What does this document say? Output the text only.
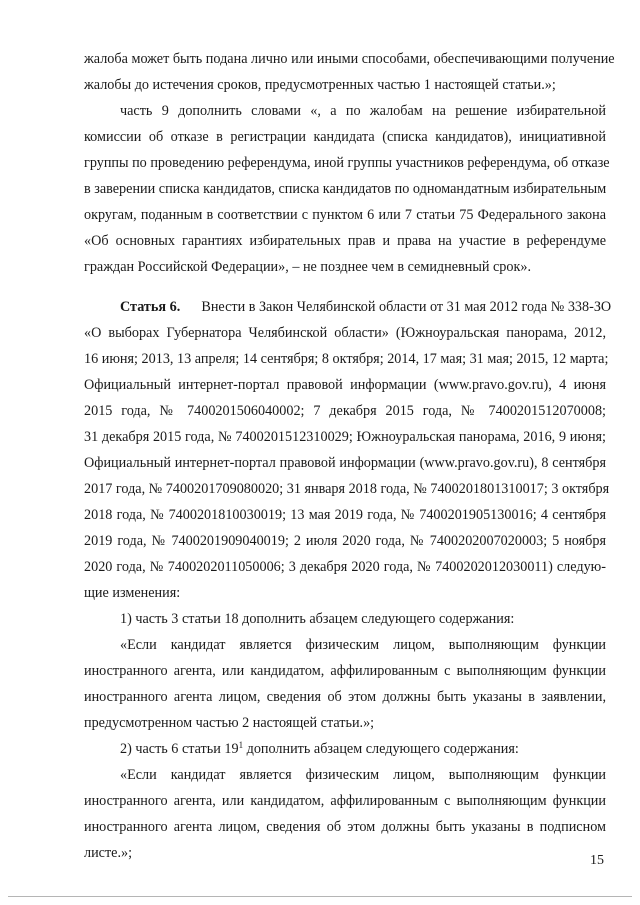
жалоба может быть подана лично или иными способами, обеспечивающими получение
жалобы до истечения сроков, предусмотренных частью 1 настоящей статьи.»;
часть 9 дополнить словами «, а по жалобам на решение избирательной
комиссии об отказе в регистрации кандидата (списка кандидатов), инициативной
группы по проведению референдума, иной группы участников референдума, об отказе
в заверении списка кандидатов, списка кандидатов по одномандатным избирательным
округам, поданным в соответствии с пунктом 6 или 7 статьи 75 Федерального закона
«Об основных гарантиях избирательных прав и права на участие в референдуме
граждан Российской Федерации», – не позднее чем в семидневный срок».
Статья 6. Внести в Закон Челябинской области от 31 мая 2012 года № 338-ЗО
«О выборах Губернатора Челябинской области» (Южноуральская панорама, 2012,
16 июня; 2013, 13 апреля; 14 сентября; 8 октября; 2014, 17 мая; 31 мая; 2015, 12 марта;
Официальный интернет-портал правовой информации (www.pravo.gov.ru), 4 июня
2015 года, № 7400201506040002; 7 декабря 2015 года, № 7400201512070008;
31 декабря 2015 года, № 7400201512310029; Южноуральская панорама, 2016, 9 июня;
Официальный интернет-портал правовой информации (www.pravo.gov.ru), 8 сентября
2017 года, № 7400201709080020; 31 января 2018 года, № 7400201801310017; 3 октября
2018 года, № 7400201810030019; 13 мая 2019 года, № 7400201905130016; 4 сентября
2019 года, № 7400201909040019; 2 июля 2020 года, № 7400202007020003; 5 ноября
2020 года, № 7400202011050006; 3 декабря 2020 года, № 7400202012030011) следую-
щие изменения:
1) часть 3 статьи 18 дополнить абзацем следующего содержания:
«Если кандидат является физическим лицом, выполняющим функции
иностранного агента, или кандидатом, аффилированным с выполняющим функции
иностранного агента лицом, сведения об этом должны быть указаны в заявлении,
предусмотренном частью 2 настоящей статьи.»;
2) часть 6 статьи $19^1$ дополнить абзацем следующего содержания:
«Если кандидат является физическим лицом, выполняющим функции
иностранного агента, или кандидатом, аффилированным с выполняющим функции
иностранного агента лицом, сведения об этом должны быть указаны в подписном
листе.»;	15
